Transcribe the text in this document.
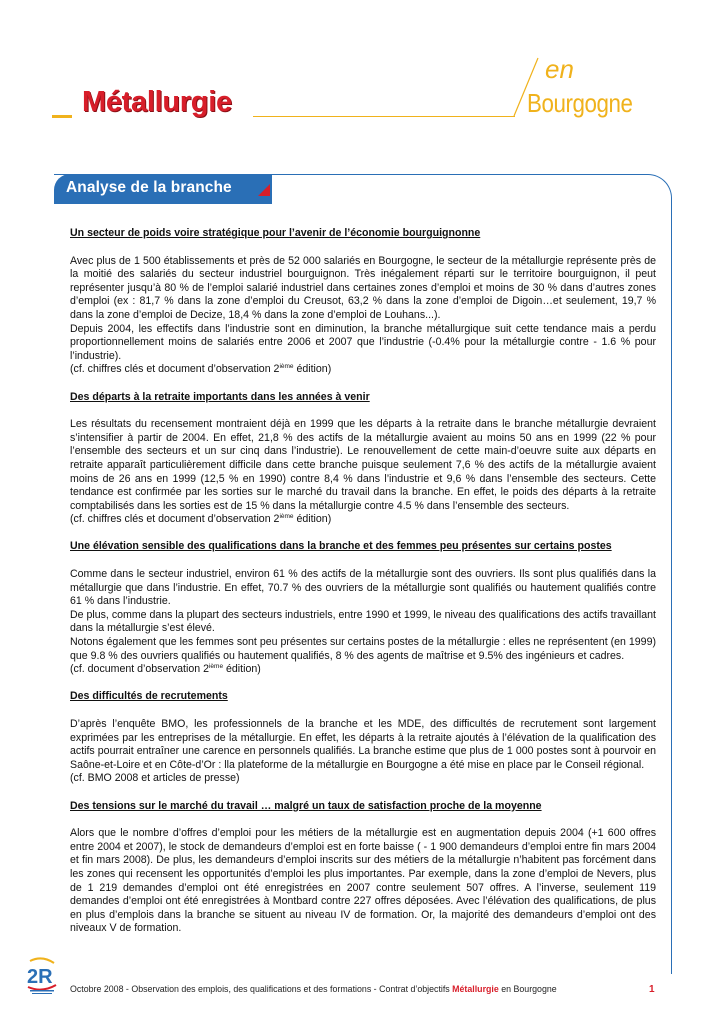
Métallurgie
en
Bourgogne
Analyse de la branche
Un secteur de poids voire stratégique pour l’avenir de l’économie bourguignonne
Avec plus de 1 500 établissements et près de 52 000 salariés en Bourgogne, le secteur de la métallurgie représente près de la moitié des salariés du secteur industriel bourguignon. Très inégalement réparti sur le territoire bourguignon, il peut représenter jusqu’à 80 % de l’emploi salarié industriel dans certaines zones d’emploi et moins de 30 % dans d’autres zones d’emploi (ex : 81,7 % dans la zone d’emploi du Creusot, 63,2 % dans la zone d’emploi de Digoin…et seulement, 19,7 % dans la zone d’emploi de Decize, 18,4 % dans la zone d’emploi de Louhans...).
Depuis 2004, les effectifs dans l’industrie sont en diminution, la branche métallurgique suit cette tendance mais a perdu proportionnellement moins de salariés entre 2006 et 2007 que l’industrie (-0.4% pour la métallurgie contre - 1.6 % pour l’industrie).
(cf. chiffres clés et document d’observation 2ième édition)
Des départs à la retraite importants dans les années à venir
Les résultats du recensement montraient déjà en 1999 que les départs à la retraite dans le branche métallurgie devraient s’intensifier à partir de 2004. En effet, 21,8 % des actifs de la métallurgie avaient au moins 50 ans en 1999 (22 % pour l’ensemble des secteurs et un sur cinq dans l’industrie). Le renouvellement de cette main-d’oeuvre suite aux départs en retraite apparaît particulièrement difficile dans cette branche puisque seulement 7,6 % des actifs de la métallurgie avaient moins de 26 ans en 1999 (12,5 % en 1990) contre 8,4 % dans l’industrie et 9,6 % dans l’ensemble des secteurs. Cette tendance est confirmée par les sorties sur le marché du travail dans la branche. En effet, le poids des départs à la retraite comptabilisés dans les sorties est de 15 % dans la métallurgie contre 4.5 % dans l’ensemble des secteurs.
(cf. chiffres clés et document d’observation 2ième édition)
Une élévation sensible des qualifications dans la branche et des femmes peu présentes sur certains postes
Comme dans le secteur industriel, environ 61 % des actifs de la métallurgie sont des ouvriers. Ils sont plus qualifiés dans la métallurgie que dans l’industrie. En effet, 70.7 % des ouvriers de la métallurgie sont qualifiés ou hautement qualifiés contre 61 % dans l’industrie.
De plus, comme dans la plupart des secteurs industriels, entre 1990 et 1999, le niveau des qualifications des actifs travaillant dans la métallurgie s’est élevé.
Notons également que les femmes sont peu présentes sur certains postes de la métallurgie : elles ne représentent (en 1999) que 9.8 % des ouvriers qualifiés ou hautement qualifiés, 8 % des agents de maîtrise et 9.5% des ingénieurs et cadres.
(cf. document d’observation 2ième édition)
Des difficultés de recrutements
D’après l’enquête BMO, les professionnels de la branche et les MDE, des difficultés de recrutement sont largement exprimées par les entreprises de la métallurgie. En effet, les départs à la retraite ajoutés à l’élévation de la qualification des actifs pourrait entraîner une carence en personnels qualifiés. La branche estime que plus de 1 000 postes sont à pourvoir en Saône-et-Loire et en Côte-d’Or : lla plateforme de la métallurgie en Bourgogne a été mise en place par le Conseil régional.
(cf. BMO 2008 et articles de presse)
Des tensions sur le marché du travail … malgré un taux de satisfaction proche de la moyenne
Alors que le nombre d’offres d’emploi pour les métiers de la métallurgie est en augmentation depuis 2004 (+1 600 offres entre 2004 et 2007), le stock de demandeurs d’emploi est en forte baisse ( - 1 900 demandeurs d’emploi entre fin mars 2004 et fin mars 2008). De plus, les demandeurs d’emploi inscrits sur des métiers de la métallurgie n’habitent pas forcément dans les zones qui recensent les opportunités d’emploi les plus importantes. Par exemple, dans la zone d’emploi de Nevers, plus de 1 219 demandes d’emploi ont été enregistrées en 2007 contre seulement 507 offres. A l’inverse, seulement 119 demandes d’emploi ont été enregistrées à Montbard contre 227 offres déposées. Avec l’élévation des qualifications, de plus en plus d’emplois dans la branche se situent au niveau IV de formation. Or, la majorité des demandeurs d’emploi ont des niveaux V de formation.
2R
Octobre 2008 - Observation des emplois, des qualifications et des formations - Contrat d’objectifs Métallurgie en Bourgogne	1
